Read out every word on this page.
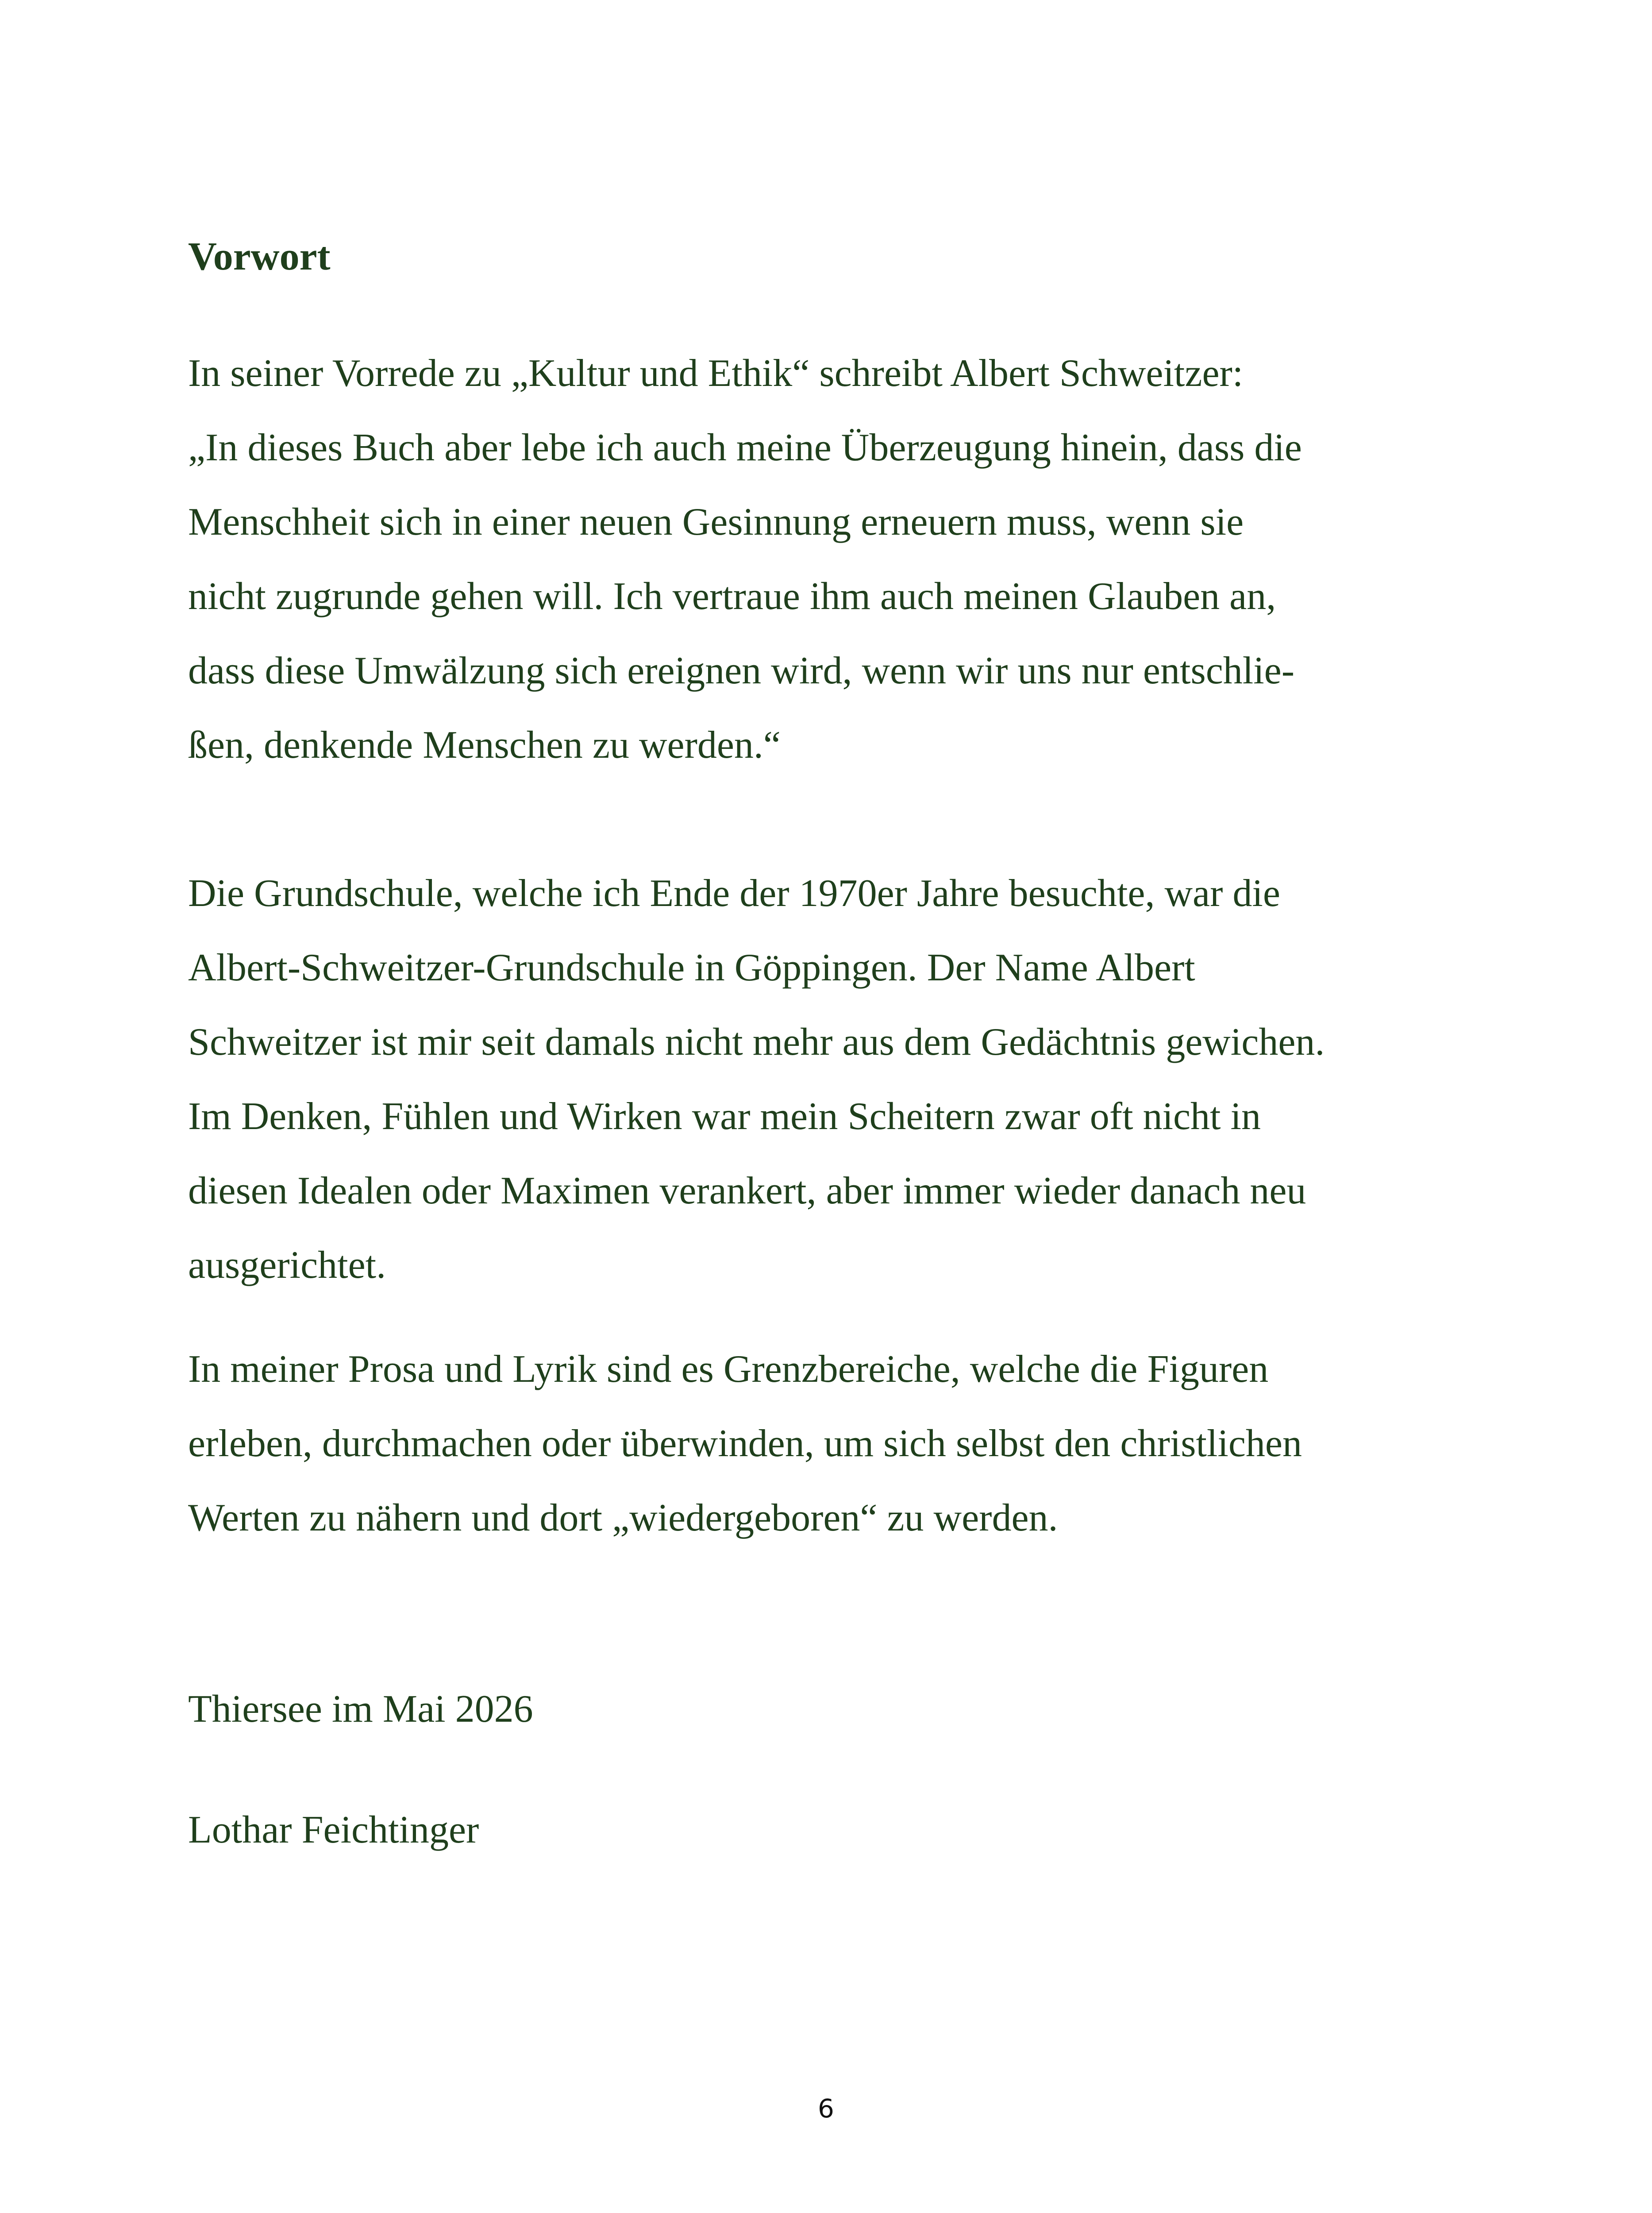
Vorwort

In seiner Vorrede zu „Kultur und Ethik“ schreibt Albert Schweitzer:

„In dieses Buch aber lebe ich auch meine Überzeugung hinein, dass die

Menschheit sich in einer neuen Gesinnung erneuern muss, wenn sie

nicht zugrunde gehen will. Ich vertraue ihm auch meinen Glauben an,

dass diese Umwälzung sich ereignen wird, wenn wir uns nur entschlie-

ßen, denkende Menschen zu werden.“

Die Grundschule, welche ich Ende der 1970er Jahre besuchte, war die

Albert-Schweitzer-Grundschule in Göppingen. Der Name Albert

Schweitzer ist mir seit damals nicht mehr aus dem Gedächtnis gewichen.

Im Denken, Fühlen und Wirken war mein Scheitern zwar oft nicht in

diesen Idealen oder Maximen verankert, aber immer wieder danach neu

ausgerichtet.

In meiner Prosa und Lyrik sind es Grenzbereiche, welche die Figuren

erleben, durchmachen oder überwinden, um sich selbst den christlichen

Werten zu nähern und dort „wiedergeboren“ zu werden.

Thiersee im Mai 2026

Lothar Feichtinger

6
